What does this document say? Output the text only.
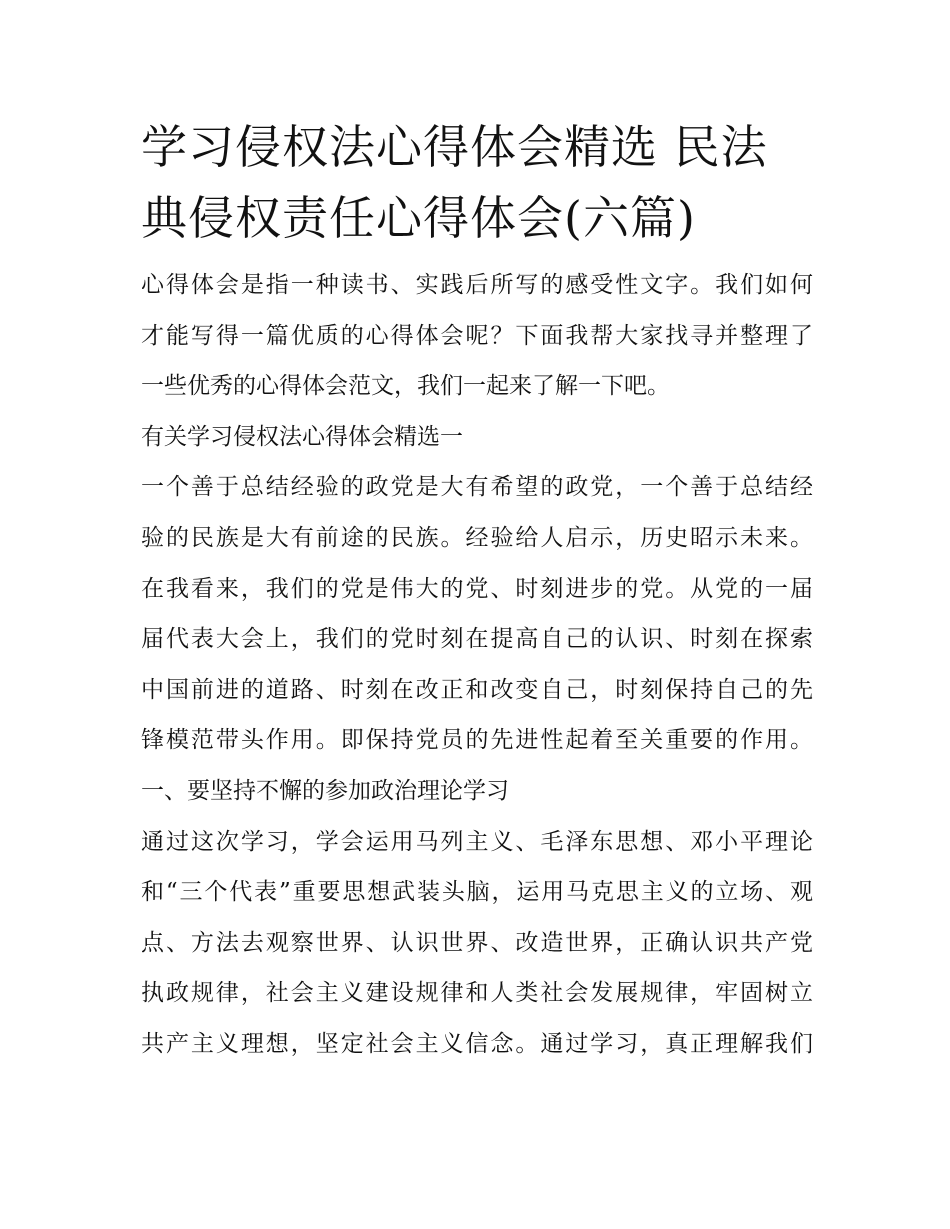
学习侵权法心得体会精选 民法
典侵权责任心得体会(六篇)

心得体会是指一种读书、实践后所写的感受性文字。我们如何

才能写得一篇优质的心得体会呢？下面我帮大家找寻并整理了

一些优秀的心得体会范文，我们一起来了解一下吧。

有关学习侵权法心得体会精选一

一个善于总结经验的政党是大有希望的政党，一个善于总结经

验的民族是大有前途的民族。经验给人启示，历史昭示未来。

在我看来，我们的党是伟大的党、时刻进步的党。从党的一届

届代表大会上，我们的党时刻在提高自己的认识、时刻在探索

中国前进的道路、时刻在改正和改变自己，时刻保持自己的先

锋模范带头作用。即保持党员的先进性起着至关重要的作用。

一、要坚持不懈的参加政治理论学习

通过这次学习，学会运用马列主义、毛泽东思想、邓小平理论

和“三个代表”重要思想武装头脑，运用马克思主义的立场、观

点、方法去观察世界、认识世界、改造世界，正确认识共产党

执政规律，社会主义建设规律和人类社会发展规律，牢固树立

共产主义理想，坚定社会主义信念。通过学习，真正理解我们
